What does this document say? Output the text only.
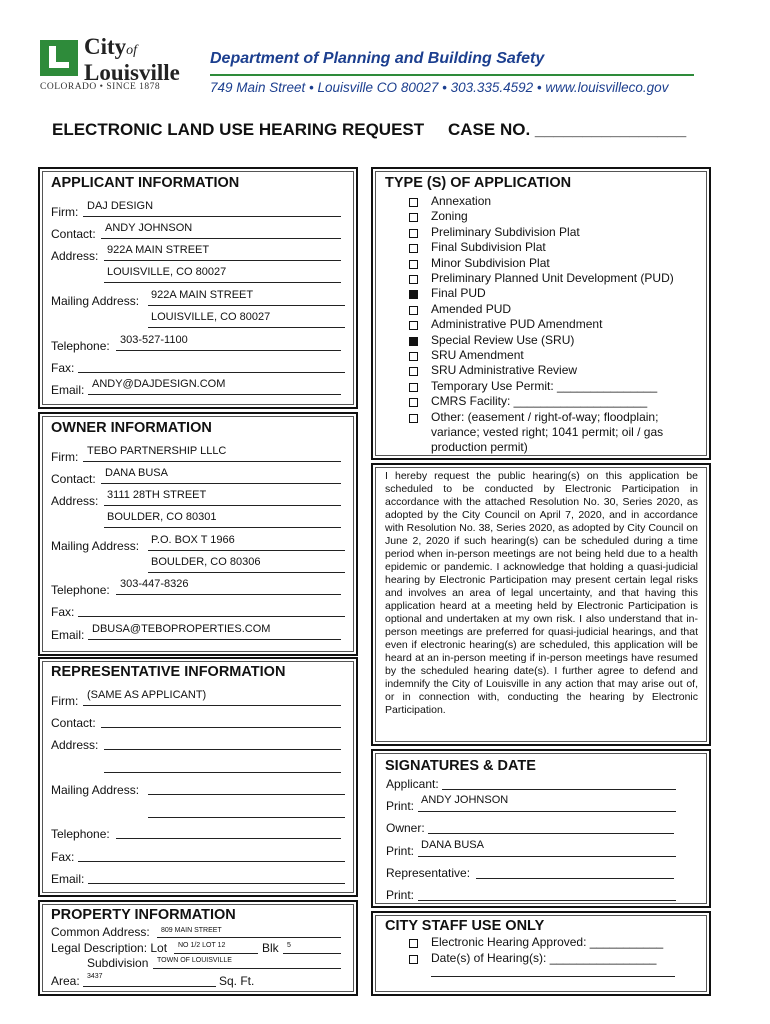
Cityof
Louisville
COLORADO • SINCE 1878
Department of Planning and Building Safety
749 Main Street • Louisville CO 80027 • 303.335.4592 • www.louisvilleco.gov
ELECTRONIC LAND USE HEARING REQUEST CASE NO. ________________
APPLICANT INFORMATION
Firm: DAJ DESIGN
Contact: ANDY JOHNSON
Address: 922A MAIN STREET
LOUISVILLE, CO 80027
Mailing Address: 922A MAIN STREET
LOUISVILLE, CO 80027
Telephone: 303-527-1100
Fax:
Email: ANDY@DAJDESIGN.COM
OWNER INFORMATION
Firm: TEBO PARTNERSHIP LLLC
Contact: DANA BUSA
Address: 3111 28TH STREET
BOULDER, CO 80301
Mailing Address: P.O. BOX T 1966
BOULDER, CO 80306
Telephone: 303-447-8326
Fax:
Email: DBUSA@TEBOPROPERTIES.COM
REPRESENTATIVE INFORMATION
Firm: (SAME AS APPLICANT)
Contact:
Address:
Mailing Address:
Telephone:
Fax:
Email:
PROPERTY INFORMATION
Common Address: 809 MAIN STREET
Legal Description: Lot NO 1/2 LOT 12	Blk 5
Subdivision TOWN OF LOUISVILLE
Area: 3437	Sq. Ft.
TYPE (S) OF APPLICATION
Annexation
Zoning
Preliminary Subdivision Plat
Final Subdivision Plat
Minor Subdivision Plat
Preliminary Planned Unit Development (PUD)
Final PUD
Amended PUD
Administrative PUD Amendment
Special Review Use (SRU)
SRU Amendment
SRU Administrative Review
Temporary Use Permit: _______________
CMRS Facility: ____________________
Other: (easement / right-of-way; floodplain;
variance; vested right; 1041 permit; oil / gas
production permit)
I hereby request the public hearing(s) on this application be scheduled to be conducted by Electronic Participation in accordance with the attached Resolution No. 30, Series 2020, as adopted by the City Council on April 7, 2020, and in accordance with Resolution No. 38, Series 2020, as adopted by City Council on June 2, 2020 if such hearing(s) can be scheduled during a time period when in-person meetings are not being held due to a health epidemic or pandemic. I acknowledge that holding a quasi-judicial hearing by Electronic Participation may present certain legal risks and involves an area of legal uncertainty, and that having this application heard at a meeting held by Electronic Participation is optional and undertaken at my own risk. I also understand that in-person meetings are preferred for quasi-judicial hearings, and that even if electronic hearing(s) are scheduled, this application will be heard at an in-person meeting if in-person meetings have resumed by the scheduled hearing date(s). I further agree to defend and indemnify the City of Louisville in any action that may arise out of, or in connection with, conducting the hearing by Electronic Participation.
SIGNATURES & DATE
Applicant:
Print: ANDY JOHNSON
Owner:
Print: DANA BUSA
Representative:
Print:
CITY STAFF USE ONLY
Electronic Hearing Approved: ___________
Date(s) of Hearing(s): ________________
